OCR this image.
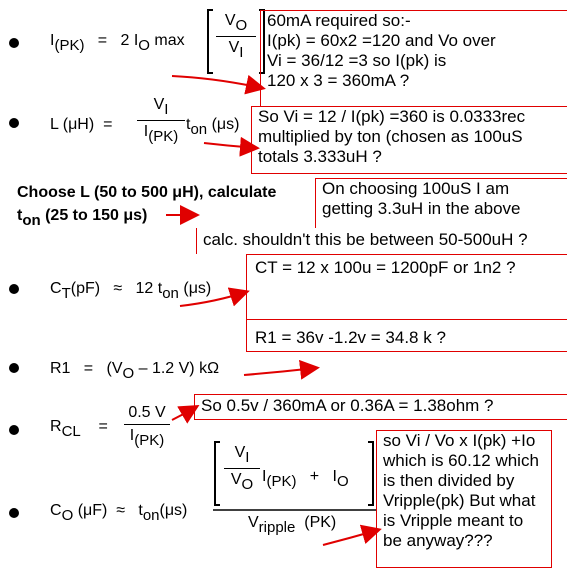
I(PK) = 2 IO max
VO
VI
L (μH) =
VI
I(PK)
ton (μs)
Choose L (50 to 500 μH), calculate
ton (25 to 150 μs)
CT(pF) ≈ 12 ton (μs)
R1 = (VO – 1.2 V) kΩ
RCL =
0.5 V
I(PK)
CO (μF) ≈ ton(μs)
VI
VO I(PK) + IO
Vripple (PK)
60mA required so:-
I(pk) = 60x2 =120 and Vo over
Vi = 36/12 =3 so I(pk) is
120 x 3 = 360mA ?
So Vi = 12 / I(pk) =360 is 0.0333rec
multiplied by ton (chosen as 100uS
totals 3.333uH ?
On choosing 100uS I am
getting 3.3uH in the above
calc. shouldn't this be between 50-500uH ?
CT = 12 x 100u = 1200pF or 1n2 ?
R1 = 36v -1.2v = 34.8 k ?
So 0.5v / 360mA or 0.36A = 1.38ohm ?
so Vi / Vo x I(pk) +Io
which is 60.12 which
is then divided by
Vripple(pk) But what
is Vripple meant to
be anyway???
